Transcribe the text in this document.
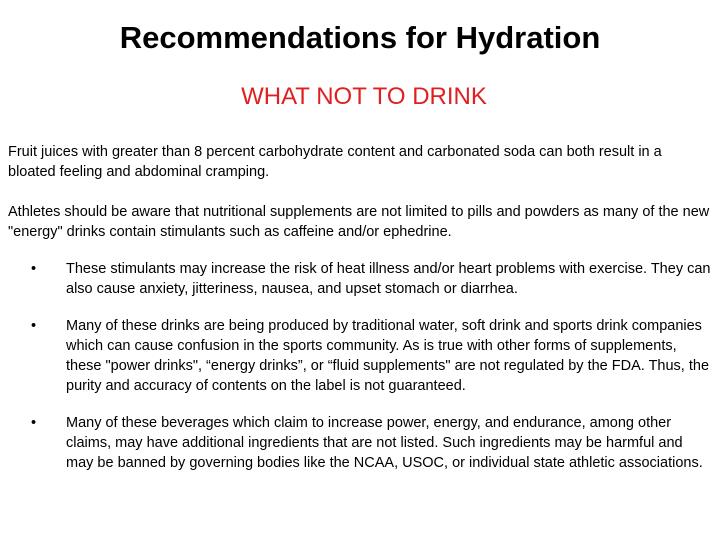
Recommendations for Hydration
WHAT NOT TO DRINK

Fruit juices with greater than 8 percent carbohydrate content and carbonated soda can both result in a bloated feeling and abdominal cramping.

Athletes should be aware that nutritional supplements are not limited to pills and powders as many of the new "energy" drinks contain stimulants such as caffeine and/or ephedrine.

• These stimulants may increase the risk of heat illness and/or heart problems with exercise. They can also cause anxiety, jitteriness, nausea, and upset stomach or diarrhea.
• Many of these drinks are being produced by traditional water, soft drink and sports drink companies which can cause confusion in the sports community. As is true with other forms of supplements, these "power drinks", “energy drinks”, or “fluid supplements" are not regulated by the FDA. Thus, the purity and accuracy of contents on the label is not guaranteed.
• Many of these beverages which claim to increase power, energy, and endurance, among other claims, may have additional ingredients that are not listed. Such ingredients may be harmful and may be banned by governing bodies like the NCAA, USOC, or individual state athletic associations.
